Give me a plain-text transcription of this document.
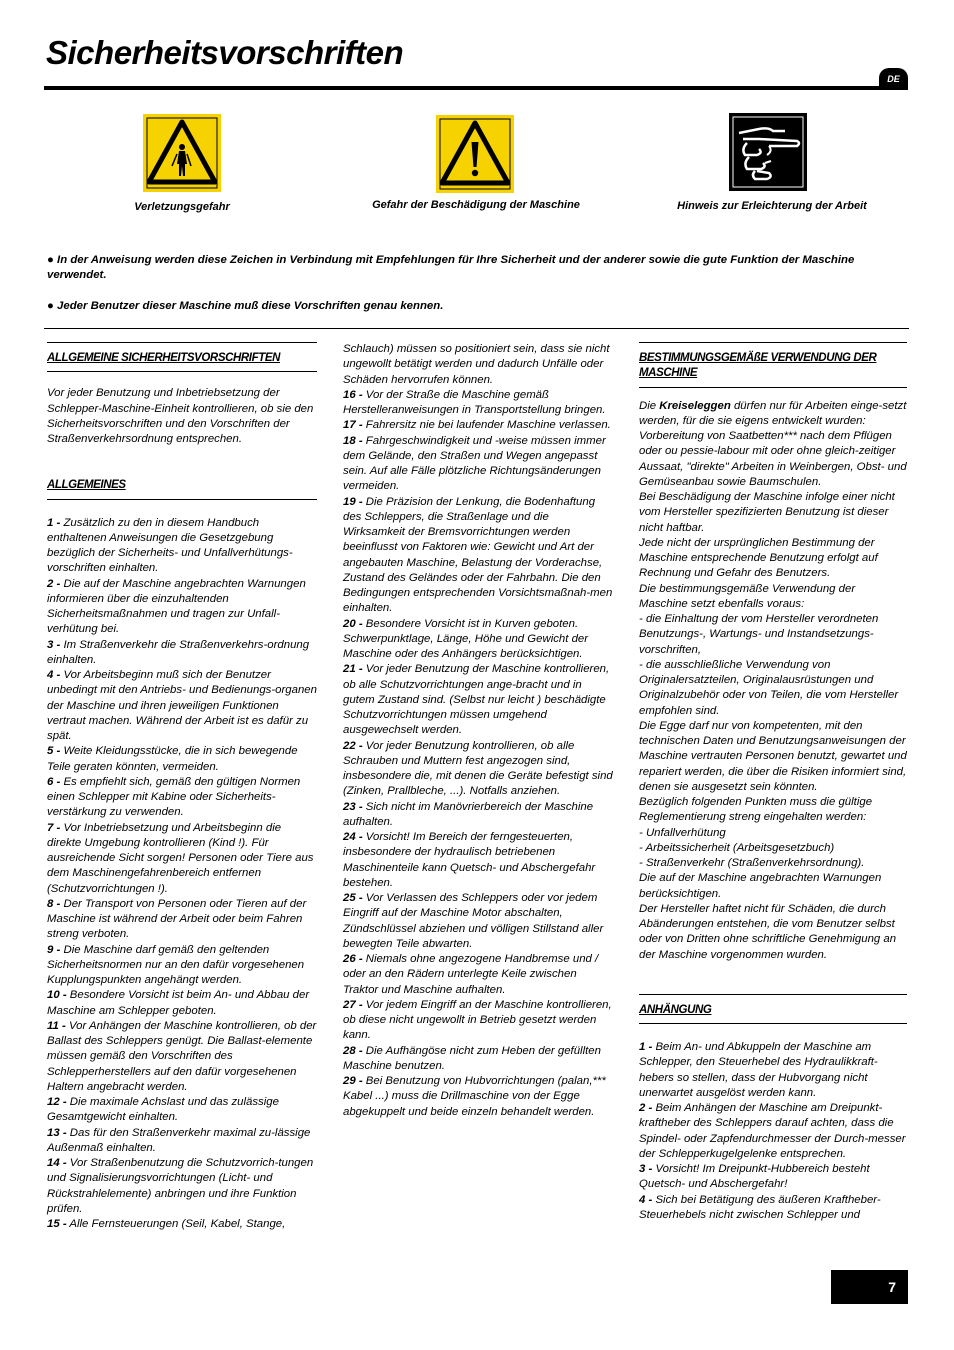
Sicherheitsvorschriften
DE
Verletzungsgefahr	Gefahr der Beschädigung der Maschine	Hinweis zur Erleichterung der Arbeit

● In der Anweisung werden diese Zeichen in Verbindung mit Empfehlungen für Ihre Sicherheit und der anderer sowie die gute Funktion der Maschine verwendet.

● Jeder Benutzer dieser Maschine muß diese Vorschriften genau kennen.

ALLGEMEINE SICHERHEITSVORSCHRIFTEN

Vor jeder Benutzung und Inbetriebsetzung der Schlepper-Maschine-Einheit kontrollieren, ob sie den Sicherheitsvorschriften und den Vorschriften der Straßenverkehrsordnung entsprechen.

ALLGEMEINES

1 - Zusätzlich zu den in diesem Handbuch enthaltenen Anweisungen die Gesetzgebung bezüglich der Sicherheits- und Unfallverhütungs-vorschriften einhalten.

2 - Die auf der Maschine angebrachten Warnungen informieren über die einzuhaltenden Sicherheitsmaßnahmen und tragen zur Unfall-verhütung bei.

3 - Im Straßenverkehr die Straßenverkehrs-ordnung einhalten.

4 - Vor Arbeitsbeginn muß sich der Benutzer unbedingt mit den Antriebs- und Bedienungs-organen der Maschine und ihren jeweiligen Funktionen vertraut machen. Während der Arbeit ist es dafür zu spät.

5 - Weite Kleidungsstücke, die in sich bewegende Teile geraten könnten, vermeiden.

6 - Es empfiehlt sich, gemäß den gültigen Normen einen Schlepper mit Kabine oder Sicherheits-verstärkung zu verwenden.

7 - Vor Inbetriebsetzung und Arbeitsbeginn die direkte Umgebung kontrollieren (Kind !). Für ausreichende Sicht sorgen! Personen oder Tiere aus dem Maschinengefahrenbereich entfernen (Schutzvorrichtungen !).

8 - Der Transport von Personen oder Tieren auf der Maschine ist während der Arbeit oder beim Fahren streng verboten.

9 - Die Maschine darf gemäß den geltenden Sicherheitsnormen nur an den dafür vorgesehenen Kupplungspunkten angehängt werden.

10 - Besondere Vorsicht ist beim An- und Abbau der Maschine am Schlepper geboten.

11 - Vor Anhängen der Maschine kontrollieren, ob der Ballast des Schleppers genügt. Die Ballast-elemente müssen gemäß den Vorschriften des Schlepperherstellers auf den dafür vorgesehenen Haltern angebracht werden.

12 - Die maximale Achslast und das zulässige Gesamtgewicht einhalten.

13 - Das für den Straßenverkehr maximal zu-lässige Außenmaß einhalten.

14 - Vor Straßenbenutzung die Schutzvorrich-tungen und Signalisierungsvorrichtungen (Licht- und Rückstrahlelemente) anbringen und ihre Funktion prüfen.

15 - Alle Fernsteuerungen (Seil, Kabel, Stange,

Schlauch) müssen so positioniert sein, dass sie nicht ungewollt betätigt werden und dadurch Unfälle oder Schäden hervorrufen können.

16 - Vor der Straße die Maschine gemäß Herstelleranweisungen in Transportstellung bringen.

17 - Fahrersitz nie bei laufender Maschine verlassen.

18 - Fahrgeschwindigkeit und -weise müssen immer dem Gelände, den Straßen und Wegen angepasst sein. Auf alle Fälle plötzliche Richtungsänderungen vermeiden.

19 - Die Präzision der Lenkung, die Bodenhaftung des Schleppers, die Straßenlage und die Wirksamkeit der Bremsvorrichtungen werden beeinflusst von Faktoren wie: Gewicht und Art der angebauten Maschine, Belastung der Vorderachse, Zustand des Geländes oder der Fahrbahn. Die den Bedingungen entsprechenden Vorsichtsmaßnah-men einhalten.

20 - Besondere Vorsicht ist in Kurven geboten. Schwerpunktlage, Länge, Höhe und Gewicht der Maschine oder des Anhängers berücksichtigen.

21 - Vor jeder Benutzung der Maschine kontrollieren, ob alle Schutzvorrichtungen ange-bracht und in gutem Zustand sind. (Selbst nur leicht ) beschädigte Schutzvorrichtungen müssen umgehend ausgewechselt werden.

22 - Vor jeder Benutzung kontrollieren, ob alle Schrauben und Muttern fest angezogen sind, insbesondere die, mit denen die Geräte befestigt sind (Zinken, Prallbleche, ...). Notfalls anziehen.

23 - Sich nicht im Manövrierbereich der Maschine aufhalten.

24 - Vorsicht! Im Bereich der ferngesteuerten, insbesondere der hydraulisch betriebenen Maschinenteile kann Quetsch- und Abschergefahr bestehen.

25 - Vor Verlassen des Schleppers oder vor jedem Eingriff auf der Maschine Motor abschalten, Zündschlüssel abziehen und völligen Stillstand aller bewegten Teile abwarten.

26 - Niemals ohne angezogene Handbremse und / oder an den Rädern unterlegte Keile zwischen Traktor und Maschine aufhalten.

27 - Vor jedem Eingriff an der Maschine kontrollieren, ob diese nicht ungewollt in Betrieb gesetzt werden kann.

28 - Die Aufhängöse nicht zum Heben der gefüllten Maschine benutzen.

29 - Bei Benutzung von Hubvorrichtungen (palan,*** Kabel ...) muss die Drillmaschine von der Egge abgekuppelt und beide einzeln behandelt werden.

BESTIMMUNGSGEMÄßE VERWENDUNG DER MASCHINE
Die Kreiseleggen dürfen nur für Arbeiten einge-setzt werden, für die sie eigens entwickelt wurden: Vorbereitung von Saatbetten*** nach dem Pflügen oder ou pessie-labour mit oder ohne gleich-zeitiger Aussaat, "direkte" Arbeiten in Weinbergen, Obst- und Gemüseanbau sowie Baumschulen.

Bei Beschädigung der Maschine infolge einer nicht vom Hersteller spezifizierten Benutzung ist dieser nicht haftbar.

Jede nicht der ursprünglichen Bestimmung der Maschine entsprechende Benutzung erfolgt auf Rechnung und Gefahr des Benutzers.

Die bestimmungsgemäße Verwendung der Maschine setzt ebenfalls voraus:

- die Einhaltung der vom Hersteller verordneten Benutzungs-, Wartungs- und Instandsetzungs-vorschriften,

- die ausschließliche Verwendung von Originalersatzteilen, Originalausrüstungen und Originalzubehör oder von Teilen, die vom Hersteller empfohlen sind.

Die Egge darf nur von kompetenten, mit den technischen Daten und Benutzungsanweisungen der Maschine vertrauten Personen benutzt, gewartet und repariert werden, die über die Risiken informiert sind, denen sie ausgesetzt sein könnten.

Bezüglich folgenden Punkten muss die gültige Reglementierung streng eingehalten werden:

- Unfallverhütung

- Arbeitssicherheit (Arbeitsgesetzbuch)

- Straßenverkehr (Straßenverkehrsordnung).

Die auf der Maschine angebrachten Warnungen berücksichtigen.

Der Hersteller haftet nicht für Schäden, die durch Abänderungen entstehen, die vom Benutzer selbst oder von Dritten ohne schriftliche Genehmigung an der Maschine vorgenommen wurden.

ANHÄNGUNG

1 - Beim An- und Abkuppeln der Maschine am Schlepper, den Steuerhebel des Hydraulikkraft-hebers so stellen, dass der Hubvorgang nicht unerwartet ausgelöst werden kann.

2 - Beim Anhängen der Maschine am Dreipunkt-kraftheber des Schleppers darauf achten, dass die Spindel- oder Zapfendurchmesser der Durch-messer der Schlepperkugelgelenke entsprechen.

3 - Vorsicht! Im Dreipunkt-Hubbereich besteht Quetsch- und Abschergefahr!

4 - Sich bei Betätigung des äußeren Kraftheber-Steuerhebels nicht zwischen Schlepper und

7
